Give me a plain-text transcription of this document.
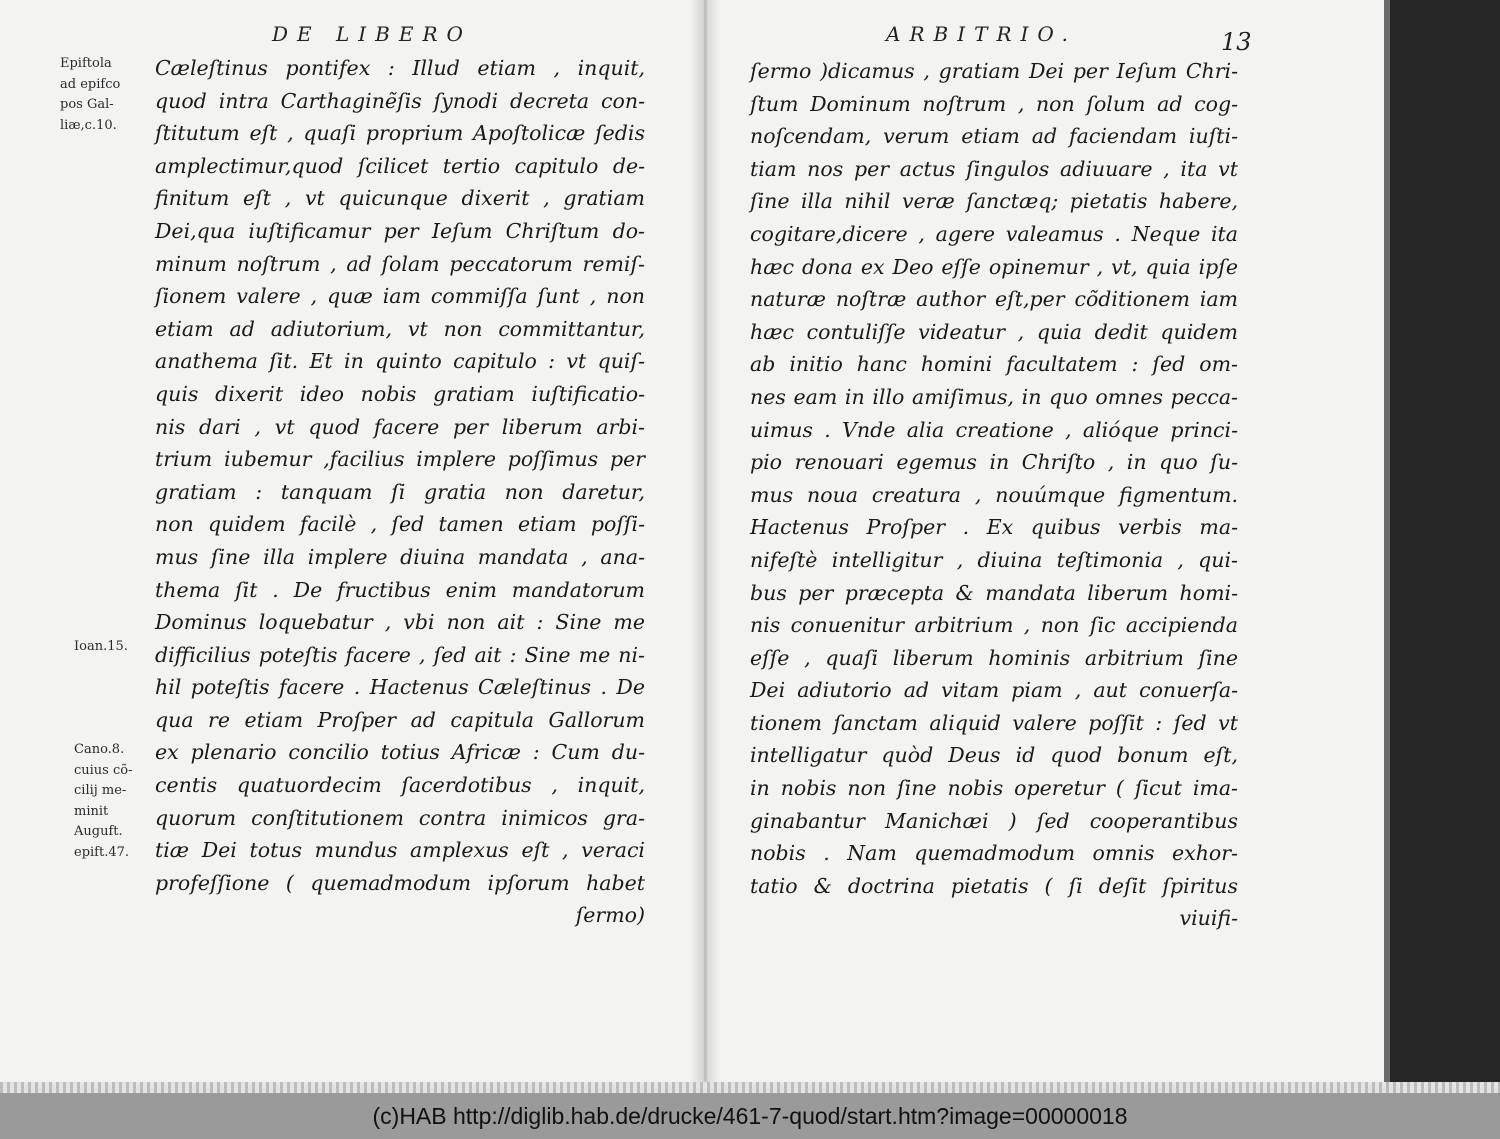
DE LIBERO	ARBITRIO.	13
Epiftola
ad epifco
pos Gal-
liæ,c.10.
Ioan.15.
Cano.8.
cuius cõ-
cilij me-
minit
Auguft.
epift.47.
Cæleſtinus pontifex : Illud etiam , inquit,
quod intra Carthaginẽſis ſynodi decreta con-
ſtitutum eſt , quaſi proprium Apoſtolicæ ſedis
amplectimur,quod ſcilicet tertio capitulo de-
finitum eſt , vt quicunque dixerit , gratiam
Dei,qua iuſtificamur per Ieſum Chriſtum do-
minum noſtrum , ad ſolam peccatorum remiſ-
ſionem valere , quæ iam commiſſa ſunt , non
etiam ad adiutorium, vt non committantur,
anathema ſit. Et in quinto capitulo : vt quiſ-
quis dixerit ideo nobis gratiam iuſtificatio-
nis dari , vt quod facere per liberum arbi-
trium iubemur ,facilius implere poſſimus per
gratiam : tanquam ſi gratia non daretur,
non quidem facilè , ſed tamen etiam poſſi-
mus ſine illa implere diuina mandata , ana-
thema ſit . De fructibus enim mandatorum
Dominus loquebatur , vbi non ait : Sine me
difficilius poteſtis facere , ſed ait : Sine me ni-
hil poteſtis facere . Hactenus Cæleſtinus . De
qua re etiam Proſper ad capitula Gallorum
ex plenario concilio totius Africæ : Cum du-
centis quatuordecim ſacerdotibus , inquit,
quorum conſtitutionem contra inimicos gra-
tiæ Dei totus mundus amplexus eſt , veraci
profeſſione ( quemadmodum ipſorum habet
ſermo)
ſermo )dicamus , gratiam Dei per Ieſum Chri-
ſtum Dominum noſtrum , non ſolum ad cog-
noſcendam, verum etiam ad faciendam iuſti-
tiam nos per actus ſingulos adiuuare , ita vt
ſine illa nihil veræ ſanctæq; pietatis habere,
cogitare,dicere , agere valeamus . Neque ita
hæc dona ex Deo eſſe opinemur , vt, quia ipſe
naturæ noſtræ author eſt,per cõditionem iam
hæc contuliſſe videatur , quia dedit quidem
ab initio hanc homini facultatem : ſed om-
nes eam in illo amiſimus, in quo omnes pecca-
uimus . Vnde alia creatione , alióque princi-
pio renouari egemus in Chriſto , in quo ſu-
mus noua creatura , nouúmque figmentum.
Hactenus Proſper . Ex quibus verbis ma-
nifeſtè intelligitur , diuina teſtimonia , qui-
bus per præcepta & mandata liberum homi-
nis conuenitur arbitrium , non ſic accipienda
eſſe , quaſi liberum hominis arbitrium ſine
Dei adiutorio ad vitam piam , aut conuerſa-
tionem ſanctam aliquid valere poſſit : ſed vt
intelligatur quòd Deus id quod bonum eſt,
in nobis non ſine nobis operetur ( ſicut ima-
ginabantur Manichæi ) ſed cooperantibus
nobis . Nam quemadmodum omnis exhor-
tatio & doctrina pietatis ( ſi deſit ſpiritus
viuifi-
(c)HAB http://diglib.hab.de/drucke/461-7-quod/start.htm?image=00000018
